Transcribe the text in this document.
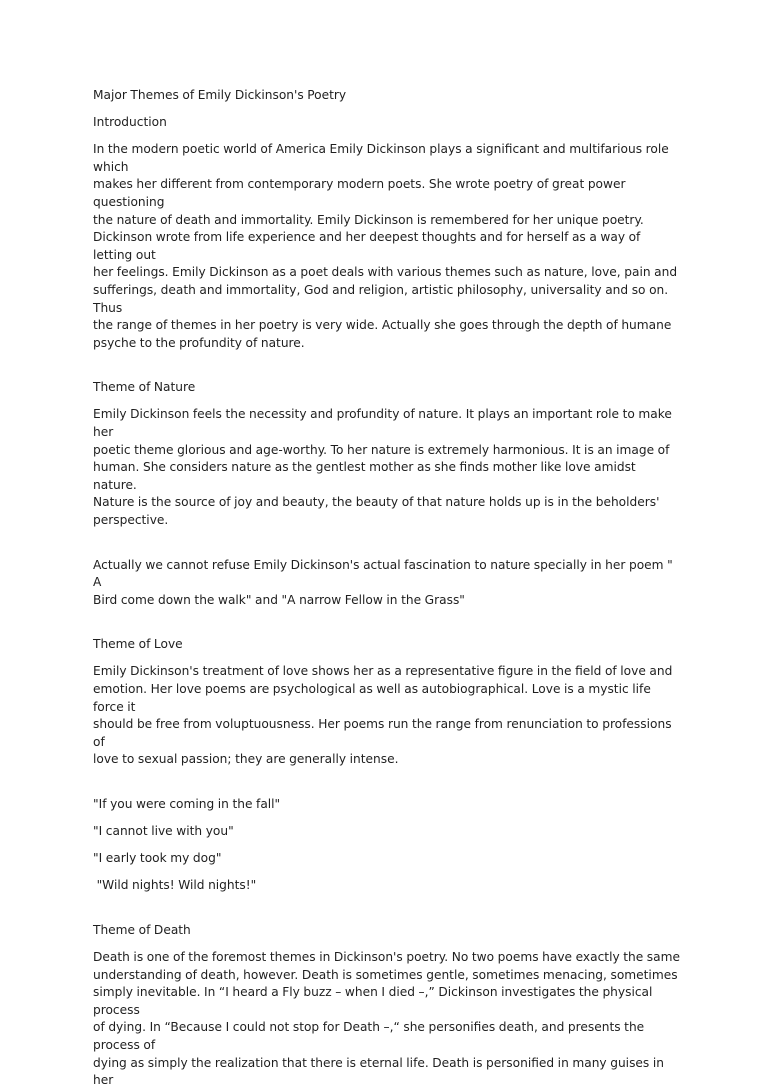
Major Themes of Emily Dickinson's Poetry

Introduction

In the modern poetic world of America Emily Dickinson plays a significant and multifarious role which

makes her different from contemporary modern poets. She wrote poetry of great power questioning

the nature of death and immortality. Emily Dickinson is remembered for her unique poetry.

Dickinson wrote from life experience and her deepest thoughts and for herself as a way of letting out

her feelings. Emily Dickinson as a poet deals with various themes such as nature, love, pain and

sufferings, death and immortality, God and religion, artistic philosophy, universality and so on. Thus

the range of themes in her poetry is very wide. Actually she goes through the depth of humane

psyche to the profundity of nature.

Theme of Nature

Emily Dickinson feels the necessity and profundity of nature. It plays an important role to make her

poetic theme glorious and age-worthy. To her nature is extremely harmonious. It is an image of

human. She considers nature as the gentlest mother as she finds mother like love amidst nature.

Nature is the source of joy and beauty, the beauty of that nature holds up is in the beholders'

perspective.

Actually we cannot refuse Emily Dickinson's actual fascination to nature specially in her poem " A

Bird come down the walk" and "A narrow Fellow in the Grass"

Theme of Love

Emily Dickinson's treatment of love shows her as a representative figure in the field of love and

emotion. Her love poems are psychological as well as autobiographical. Love is a mystic life force it

should be free from voluptuousness. Her poems run the range from renunciation to professions of

love to sexual passion; they are generally intense.

"If you were coming in the fall"

"I cannot live with you"

"I early took my dog"

"Wild nights! Wild nights!"

Theme of Death

Death is one of the foremost themes in Dickinson's poetry. No two poems have exactly the same

understanding of death, however. Death is sometimes gentle, sometimes menacing, sometimes

simply inevitable. In “I heard a Fly buzz – when I died –,” Dickinson investigates the physical process

of dying. In “Because I could not stop for Death –,“ she personifies death, and presents the process of

dying as simply the realization that there is eternal life. Death is personified in many guises in her
